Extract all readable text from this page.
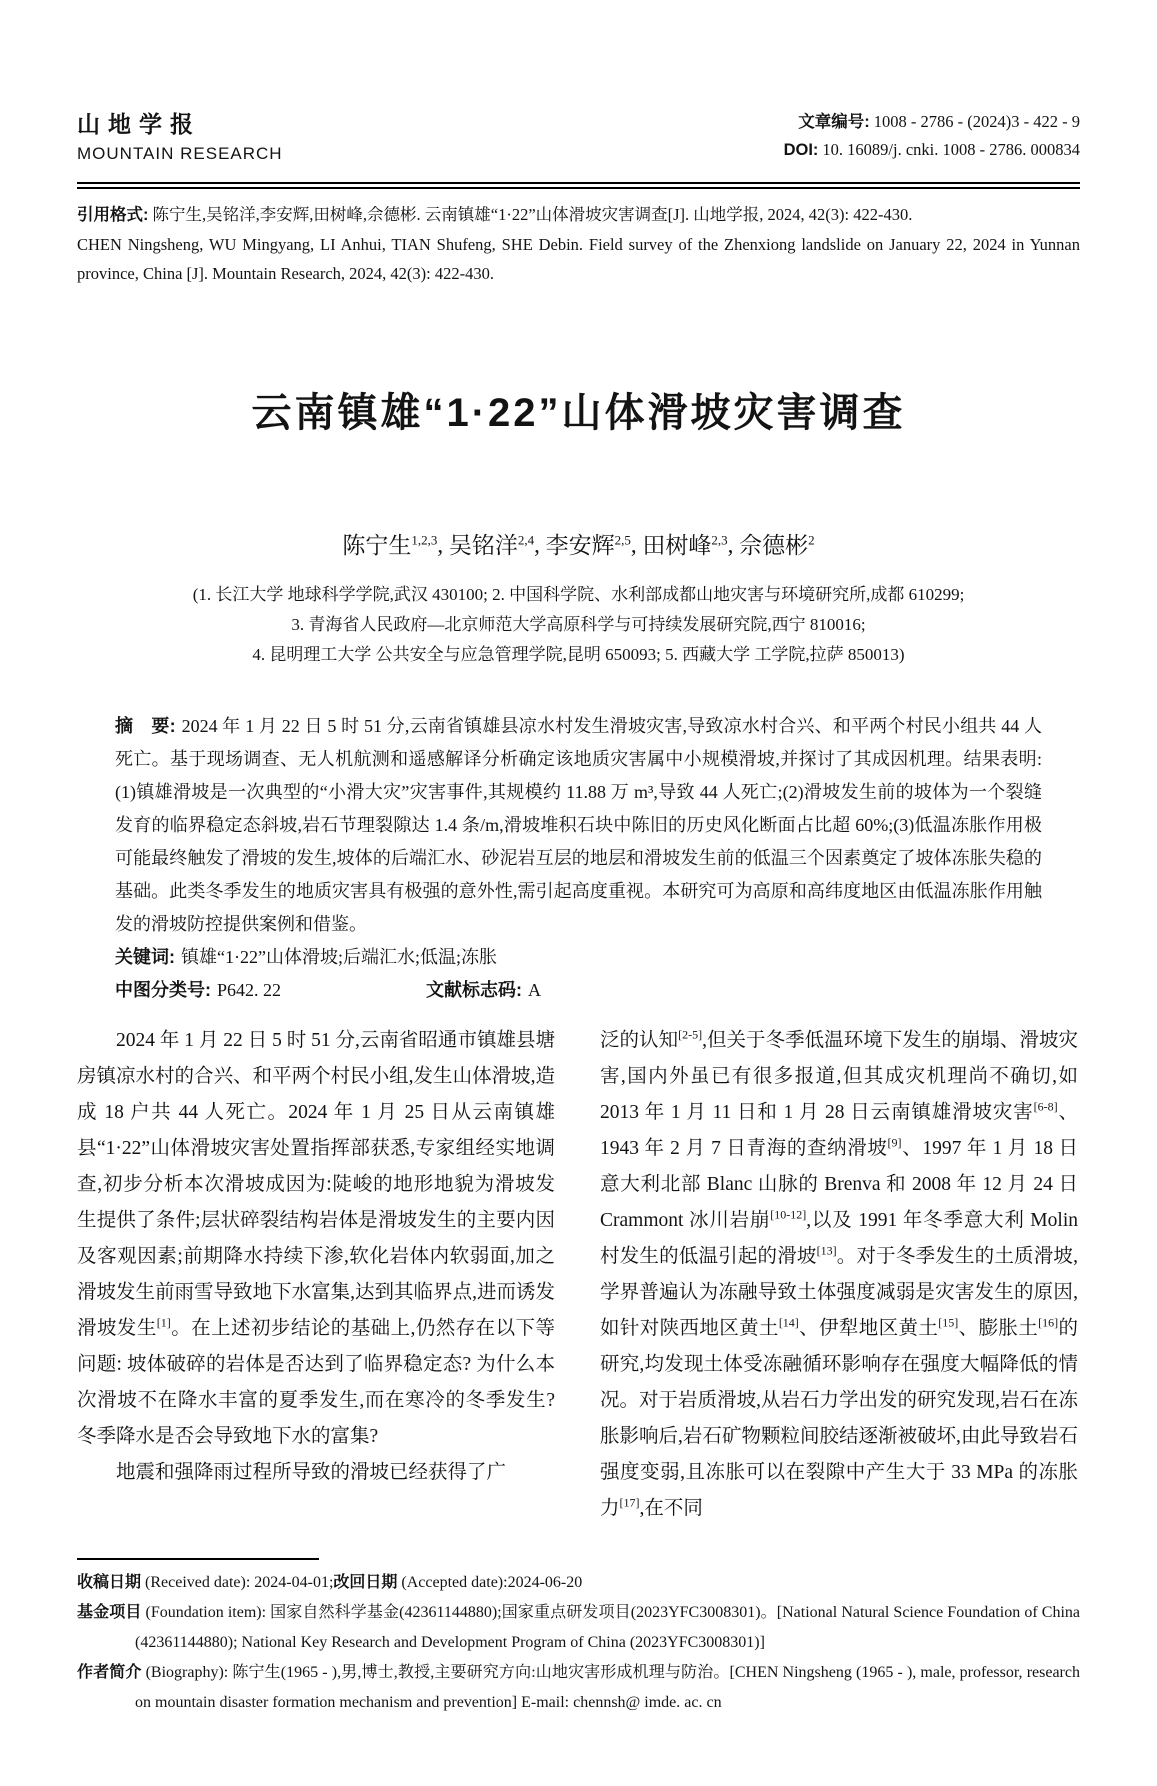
山地学报
MOUNTAIN RESEARCH
文章编号: 1008 - 2786 - (2024)3 - 422 - 9
DOI: 10. 16089/j. cnki. 1008 - 2786. 000834
引用格式: 陈宁生,吴铭洋,李安辉,田树峰,佘德彬. 云南镇雄“1·22”山体滑坡灾害调查[J]. 山地学报, 2024, 42(3): 422-430.
CHEN Ningsheng, WU Mingyang, LI Anhui, TIAN Shufeng, SHE Debin. Field survey of the Zhenxiong landslide on January 22, 2024 in Yunnan province, China [J]. Mountain Research, 2024, 42(3): 422-430.
云南镇雄“1·22”山体滑坡灾害调查
陈宁生$^{1,2,3}$, 吴铭洋$^{2,4}$, 李安辉$^{2,5}$, 田树峰$^{2,3}$, 佘德彬$^2$
(1. 长江大学 地球科学学院,武汉 430100; 2. 中国科学院、水利部成都山地灾害与环境研究所,成都 610299;
3. 青海省人民政府—北京师范大学高原科学与可持续发展研究院,西宁 810016;
4. 昆明理工大学 公共安全与应急管理学院,昆明 650093; 5. 西藏大学 工学院,拉萨 850013)
摘　要: 2024 年 1 月 22 日 5 时 51 分,云南省镇雄县凉水村发生滑坡灾害,导致凉水村合兴、和平两个村民小组共 44 人死亡。基于现场调查、无人机航测和遥感解译分析确定该地质灾害属中小规模滑坡,并探讨了其成因机理。结果表明:(1)镇雄滑坡是一次典型的“小滑大灾”灾害事件,其规模约 11.88 万 m³,导致 44 人死亡;(2)滑坡发生前的坡体为一个裂缝发育的临界稳定态斜坡,岩石节理裂隙达 1.4 条/m,滑坡堆积石块中陈旧的历史风化断面占比超 60%;(3)低温冻胀作用极可能最终触发了滑坡的发生,坡体的后端汇水、砂泥岩互层的地层和滑坡发生前的低温三个因素奠定了坡体冻胀失稳的基础。此类冬季发生的地质灾害具有极强的意外性,需引起高度重视。本研究可为高原和高纬度地区由低温冻胀作用触发的滑坡防控提供案例和借鉴。
关键词: 镇雄“1·22”山体滑坡;后端汇水;低温;冻胀
中图分类号: P642. 22	文献标志码: A
2024 年 1 月 22 日 5 时 51 分,云南省昭通市镇雄县塘房镇凉水村的合兴、和平两个村民小组,发生山体滑坡,造成 18 户共 44 人死亡。2024 年 1 月 25 日从云南镇雄县“1·22”山体滑坡灾害处置指挥部获悉,专家组经实地调查,初步分析本次滑坡成因为:陡峻的地形地貌为滑坡发生提供了条件;层状碎裂结构岩体是滑坡发生的主要内因及客观因素;前期降水持续下渗,软化岩体内软弱面,加之滑坡发生前雨雪导致地下水富集,达到其临界点,进而诱发滑坡发生[1]。在上述初步结论的基础上,仍然存在以下等问题: 坡体破碎的岩体是否达到了临界稳定态? 为什么本次滑坡不在降水丰富的夏季发生,而在寒冷的冬季发生? 冬季降水是否会导致地下水的富集?
地震和强降雨过程所导致的滑坡已经获得了广
泛的认知[2-5],但关于冬季低温环境下发生的崩塌、滑坡灾害,国内外虽已有很多报道,但其成灾机理尚不确切,如 2013 年 1 月 11 日和 1 月 28 日云南镇雄滑坡灾害[6-8]、1943 年 2 月 7 日青海的查纳滑坡[9]、1997 年 1 月 18 日意大利北部 Blanc 山脉的 Brenva 和 2008 年 12 月 24 日 Crammont 冰川岩崩[10-12],以及 1991 年冬季意大利 Molin 村发生的低温引起的滑坡[13]。对于冬季发生的土质滑坡,学界普遍认为冻融导致土体强度减弱是灾害发生的原因,如针对陕西地区黄土[14]、伊犁地区黄土[15]、膨胀土[16]的研究,均发现土体受冻融循环影响存在强度大幅降低的情况。对于岩质滑坡,从岩石力学出发的研究发现,岩石在冻胀影响后,岩石矿物颗粒间胶结逐渐被破坏,由此导致岩石强度变弱,且冻胀可以在裂隙中产生大于 33 MPa 的冻胀力[17],在不同
收稿日期 (Received date): 2024-04-01;改回日期 (Accepted date):2024-06-20
基金项目 (Foundation item): 国家自然科学基金(42361144880);国家重点研发项目(2023YFC3008301)。[National Natural Science Foundation of China (42361144880); National Key Research and Development Program of China (2023YFC3008301)]
作者简介 (Biography): 陈宁生(1965 - ),男,博士,教授,主要研究方向:山地灾害形成机理与防治。[CHEN Ningsheng (1965 - ), male, professor, research on mountain disaster formation mechanism and prevention] E-mail: chennsh@ imde. ac. cn
